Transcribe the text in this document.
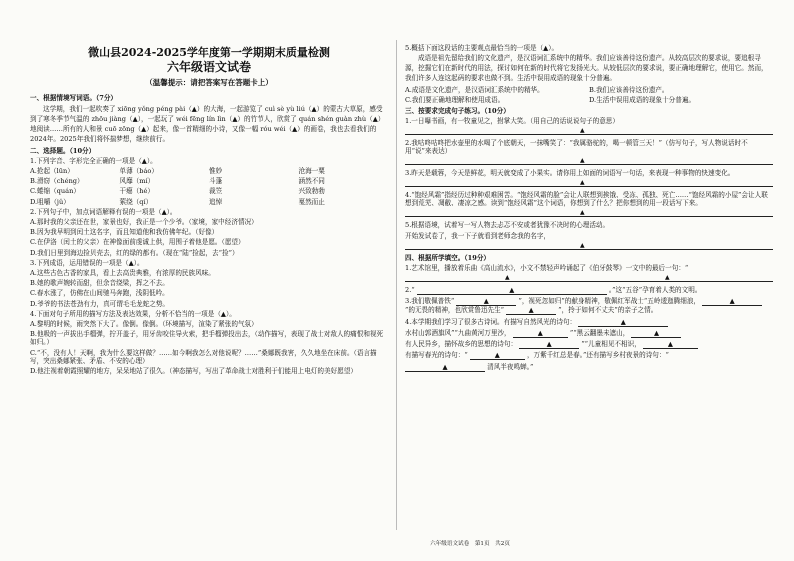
微山县2024-2025学年度第一学期期末质量检测
六年级语文试卷
（温馨提示：请把答案写在答题卡上）
一、根据情境写词语。（7分）
这学期，我们一起吹奏了 xiōng yǒng péng pài（▲）的大海，一起游览了 cuì sè yù liú（▲）的蒙古大草原，感受到了寒冬季节气温的 zhōu jiàng（▲），一起玩了 wéi fēng lín lìn（▲）的竹节人，欣赏了 quán shén guàn zhù（▲）地阅读……所有的人和景 cuō zōng（▲）起来，像一首精细的小诗，又像一幅 róu wéi（▲）的画卷，我也去看我们的2024年。2025年我们将怀揣梦想，继续前行。
二、选择题。（10分）
1.下列字音、字形完全正确的一项是（▲）。
A.抢起（lūn）	单薄（báo）	惟妙	沧海一粟
B.滑窃（chéng）	风靡（mí）	斗蓬	涵然不同
C.蜷缩（quán）	干瘪（hé）	裁笠	兴致勃勃
D.咀嚼（jǔ）	萦绕（qí）	追悼	戛然而止
2.下列句子中，加点词语解释有误的一项是（▲）。
A.那时我的父亲还在世，家景也好，我正是一个少爷。（家境，家中经济情况）
B.因为我早明到闰土这名字，而且知道他和我仿佛年纪。（好像）
C.在伊洛（闰土的父亲）在神像面前虔诚上供，用围子着他是愿。（愿望）
D.我们日里到海边捡贝壳去，红的绿的都有。（现在“陆”捡起，去“捡”）
3.下列成语，运用错误的一项是（▲）。
A.这些古色古香的家具，看上去高贵典雅，有浓厚的民族风味。
B.她的歌声婉转而甜，但余音绕梁，挥之不去。
C.春水涨了，仿佛在山间驰马奔跑，浅阴低吟。
D.爷爷的书法苍劲有力，真可谓毛毛龙蛇之势。
4.下面对句子所用的描写方法及表达效果，分析不恰当的一项是（▲）。
A.黎明的时候，雨突然下大了。像倒。像倒。（环境描写，渲染了紧张的气氛）
B.他吸的一声拔出手榴弹，拧开盖子，用牙齿咬住导火索，把手榴弹投出去，（动作描写，表现了战士对敌人的痛恨和视死如归。）
C.“不，没有人！天啊，我为什么要这样做？……如今啊我怎么对他说呢？……”桑娜既我害，久久地坐在床前。（语言描写，突出桑娜紧张、矛盾、不安的心理）
D.他注视着朝霞照耀的地方，呆呆地站了很久。（神态描写，写出了革命战士对胜利于们能用上电灯的美好愿望）
5.概括下面这段话的主要观点最恰当的一项是（▲）。
成语是祖先留给我们的文化遗产，是汉语词汇系统中的精华。我们应该善待这份遗产。从较高层次的要求说，要追根寻源，挖掘它们在新时代的用法，探讨如何在新的时代将它发扬光大。从较低层次的要求说，要正确地理解它，使用它。然而，我们许多人连这起码的要求也做不到。生活中误用成语的现象十分普遍。
A.成语是文化遗产，是汉语词汇系统中的精华。	B.我们应该善待这份遗产。
C.我们要正确地理解和使用成语。	D.生活中误用成语的现象十分普遍。
三、按要求完成句子练习。（10分）
1.一日曝书画，有一牧童见之，拊掌大笑。（用自己的话说说句子的意思）
▲
2.我咕咚咕咚把水壶里的水喝了个底朝天，一抹嘴笑了：“我属骆驼的，喝一顿管三天！”（仿写句子，写人物说话时不用“说”来表达）
▲
3.昨天是载蓉，今天是鲜花，明天就变成了小果实。请你用上如面的词语写一句话，来表现一种事物的快速变化。
▲
4.“饱经风霜”指经历过种种艰难困苦。“饱经风霜的脸”会让人联想到挨饿、受冻、孤独、死亡……“饱经风霜的小屋”会让人联想到荒芜、凋敝、凄凉之感。读到“饱经风霜”这个词语，你想到了什么？把你想到的用一段话写下来。
▲
5.根据语境，试着写一写人物去忐忑不安或者犹豫不决时的心理活动。
开始发试卷了，我一下子就看到老师念我的名字，
▲
四、根据所学填空。（19分）
1.艺术馆里，播放着乐曲《高山流水》，小文不禁轻声吟诵起了《伯牙鼓琴》一文中的最后一句：“
▲	▲
2.“	▲	。”这“五谷”孕育着人类的文明。
3.我们敬佩普铁“	▲	”，视死忽如归”的献身精神，敬佩红军战士“五岭逶迤腾细浪，	▲ ”的无畏的精神，也欣赏鲁迅先生“	▲	”，拎于如何不丈夫”的亲子之情。
4.本学期我们学习了很多古诗词。有描写自然风光的诗句：	▲
水村山郭酒旗风”“九曲黄河万里沙，	▲	”“黑云翻墨未遮山，	▲
有人民异乡，描怀故乡的思想的诗句：	▲	”“儿童相见不相识，	▲
有描写春光的诗句：“	▲	，万紫千红总是春。”还有描写乡村夜景的诗句：“
▲	清风半夜鸣蝉。”
六年级语文试卷　第1页　共2页
